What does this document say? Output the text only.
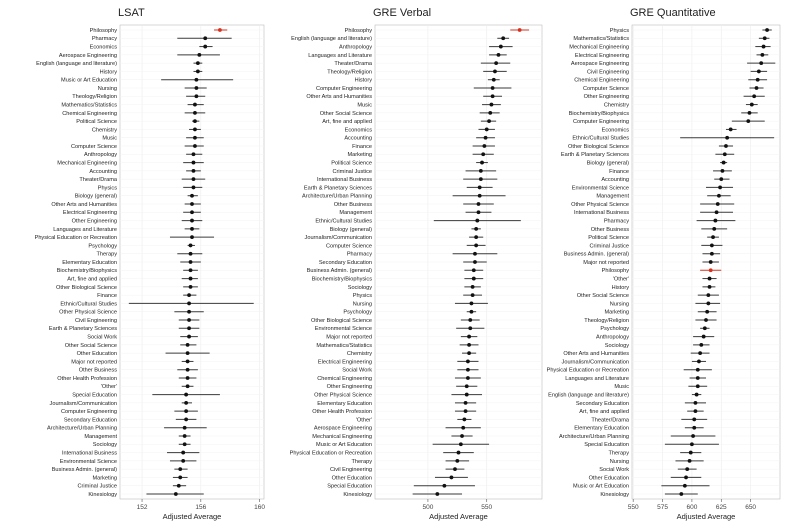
LSAT
Philosophy
Pharmacy
Economics
Aerospace Engineering
English (language and literature)
History
Music or Art Education
Nursing
Theology/Religion
Mathematics/Statistics
Chemical Engineering
Political Science
Chemistry
Music
Computer Science
Anthropology
Mechanical Engineering
Accounting
Theater/Drama
Physics
Biology (general)
Other Arts and Humanities
Electrical Engineering
Other Engineering
Languages and Literature
Physical Education or Recreation
Psychology
Therapy
Elementary Education
Biochemistry/Biophysics
Art, fine and applied
Other Biological Science
Finance
Ethnic/Cultural Studies
Other Physical Science
Civil Engineering
Earth & Planetary Sciences
Social Work
Other Social Science
Other Education
Major not reported
Other Business
Other Health Profession
'Other'
Special Education
Journalism/Communication
Computer Engineering
Secondary Education
Architecture/Urban Planning
Management
Sociology
International Business
Environmental Science
Business Admin. (general)
Marketing
Criminal Justice
Kinesiology
152	156	160
Adjusted Average
GRE Verbal
Philosophy
English (language and literature)
Anthropology
Languages and Literature
Theater/Drama
Theology/Religion
History
Computer Engineering
Other Arts and Humanities
Music
Other Social Science
Art, fine and applied
Economics
Accounting
Finance
Marketing
Political Science
Criminal Justice
International Business
Earth & Planetary Sciences
Architecture/Urban Planning
Other Business
Management
Ethnic/Cultural Studies
Biology (general)
Journalism/Communication
Computer Science
Pharmacy
Secondary Education
Business Admin. (general)
Biochemistry/Biophysics
Sociology
Physics
Nursing
Psychology
Other Biological Science
Environmental Science
Major not reported
Mathematics/Statistics
Chemistry
Electrical Engineering
Social Work
Chemical Engineering
Other Engineering
Other Physical Science
Elementary Education
Other Health Profession
'Other'
Aerospace Engineering
Mechanical Engineering
Music or Art Education
Physical Education or Recreation
Therapy
Civil Engineering
Other Education
Special Education
Kinesiology
500	550
Adjusted Average
GRE Quantitative
Physics
Mathematics/Statistics
Mechanical Engineering
Electrical Engineering
Aerospace Engineering
Civil Engineering
Chemical Engineering
Computer Science
Other Engineering
Chemistry
Biochemistry/Biophysics
Computer Engineering
Economics
Ethnic/Cultural Studies
Other Biological Science
Earth & Planetary Sciences
Biology (general)
Finance
Accounting
Environmental Science
Management
Other Physical Science
International Business
Pharmacy
Other Business
Political Science
Criminal Justice
Business Admin. (general)
Major not reported
Philosophy
'Other'
History
Other Social Science
Nursing
Marketing
Theology/Religion
Psychology
Anthropology
Sociology
Other Arts and Humanities
Journalism/Communication
Physical Education or Recreation
Languages and Literature
Music
English (language and literature)
Secondary Education
Art, fine and applied
Theater/Drama
Elementary Education
Architecture/Urban Planning
Special Education
Therapy
Nursing
Social Work
Other Education
Music or Art Education
Kinesiology
550	575	600	625	650
Adjusted Average
